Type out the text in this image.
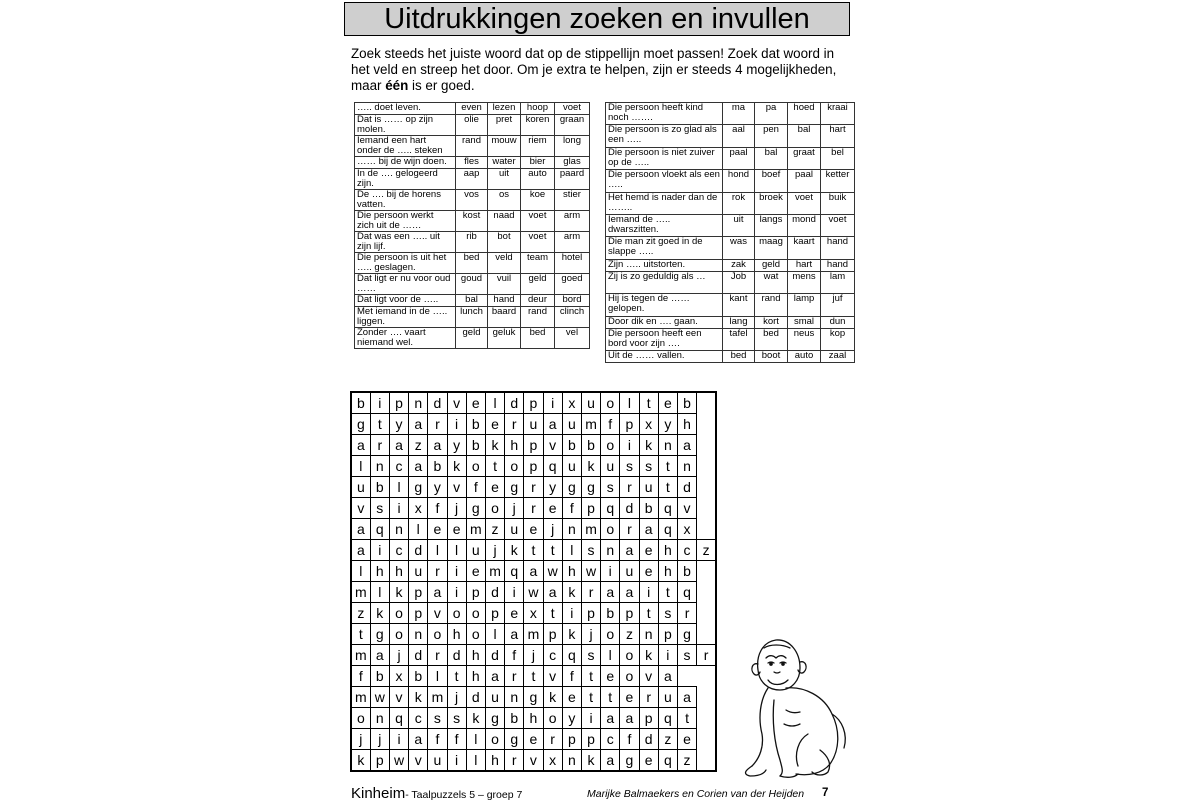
Uitdrukkingen zoeken en invullen

Zoek steeds het juiste woord dat op de stippellijn moet passen! Zoek dat woord in het veld en streep het door. Om je extra te helpen, zijn er steeds 4 mogelijkheden, maar één is er goed.

….. doet leven.	even	lezen	hoop	voet
Dat is …… op zijn molen.	olie	pret	koren	graan
Iemand een hart onder de ….. steken	rand	mouw	riem	long
…… bij de wijn doen.	fles	water	bier	glas
In de …. gelogeerd zijn.	aap	uit	auto	paard
De …. bij de horens vatten.	vos	os	koe	stier
Die persoon werkt zich uit de ……	kost	naad	voet	arm
Dat was een ….. uit zijn lijf.	rib	bot	voet	arm
Die persoon is uit het ….. geslagen.	bed	veld	team	hotel
Dat ligt er nu voor oud ……	goud	vuil	geld	goed
Dat ligt voor de …..	bal	hand	deur	bord
Met iemand in de ….. liggen.	lunch	baard	rand	clinch
Zonder …. vaart niemand wel.	geld	geluk	bed	vel
Die persoon heeft kind noch …….	ma	pa	hoed	kraai
Die persoon is zo glad als een …..	aal	pen	bal	hart
Die persoon is niet zuiver op de …..	paal	bal	graat	bel
Die persoon vloekt als een …..	hond	boef	paal	ketter
Het hemd is nader dan de ……..	rok	broek	voet	buik
Iemand de ….. dwarszitten.	uit	langs	mond	voet
Die man zit goed in de slappe …..	was	maag	kaart	hand
Zijn ….. uitstorten.	zak	geld	hart	hand
Zij is zo geduldig als …	Job	wat	mens	lam
Hij is tegen de …… gelopen.	kant	rand	lamp	juf
Door dik en …. gaan.	lang	kort	smal	dun
Die persoon heeft een bord voor zijn ….	tafel	bed	neus	kop
Uit de …… vallen.	bed	boot	auto	zaal
b	i	p	n	d	v	e	l	d	p	i	x	u	o	l	t	e	b	
g	t	y	a	r	i	b	e	r	u	a	u	m	f	p	x	y	h	
a	r	a	z	a	y	b	k	h	p	v	b	b	o	i	k	n	a	
l	n	c	a	b	k	o	t	o	p	q	u	k	u	s	s	t	n	
u	b	l	g	y	v	f	e	g	r	y	g	g	s	r	u	t	d	
v	s	i	x	f	j	g	o	j	r	e	f	p	q	d	b	q	v	
a	q	n	l	e	e	m	z	u	e	j	n	m	o	r	a	q	x	
a	i	c	d	l	l	u	j	k	t	t	l	s	n	a	e	h	c	z
l	h	h	u	r	i	e	m	q	a	w	h	w	i	u	e	h	b	
m	l	k	p	a	i	p	d	i	w	a	k	r	a	a	i	t	q	
z	k	o	p	v	o	o	p	e	x	t	i	p	b	p	t	s	r	
t	g	o	n	o	h	o	l	a	m	p	k	j	o	z	n	p	g	
m	a	j	d	r	d	h	d	f	j	c	q	s	l	o	k	i	s	r
f	b	x	b	l	t	h	a	r	t	v	f	t	e	o	v	a		
m	w	v	k	m	j	d	u	n	g	k	e	t	t	e	r	u	a	
o	n	q	c	s	s	k	g	b	h	o	y	i	a	a	p	q	t	
j	j	i	a	f	f	l	o	g	e	r	p	p	c	f	d	z	e	
k	p	w	v	u	i	l	h	r	v	x	n	k	a	g	e	q	z	
Kinheim- Taalpuzzels 5 – groep 7	Marijke Balmaekers en Corien van der Heijden 7
